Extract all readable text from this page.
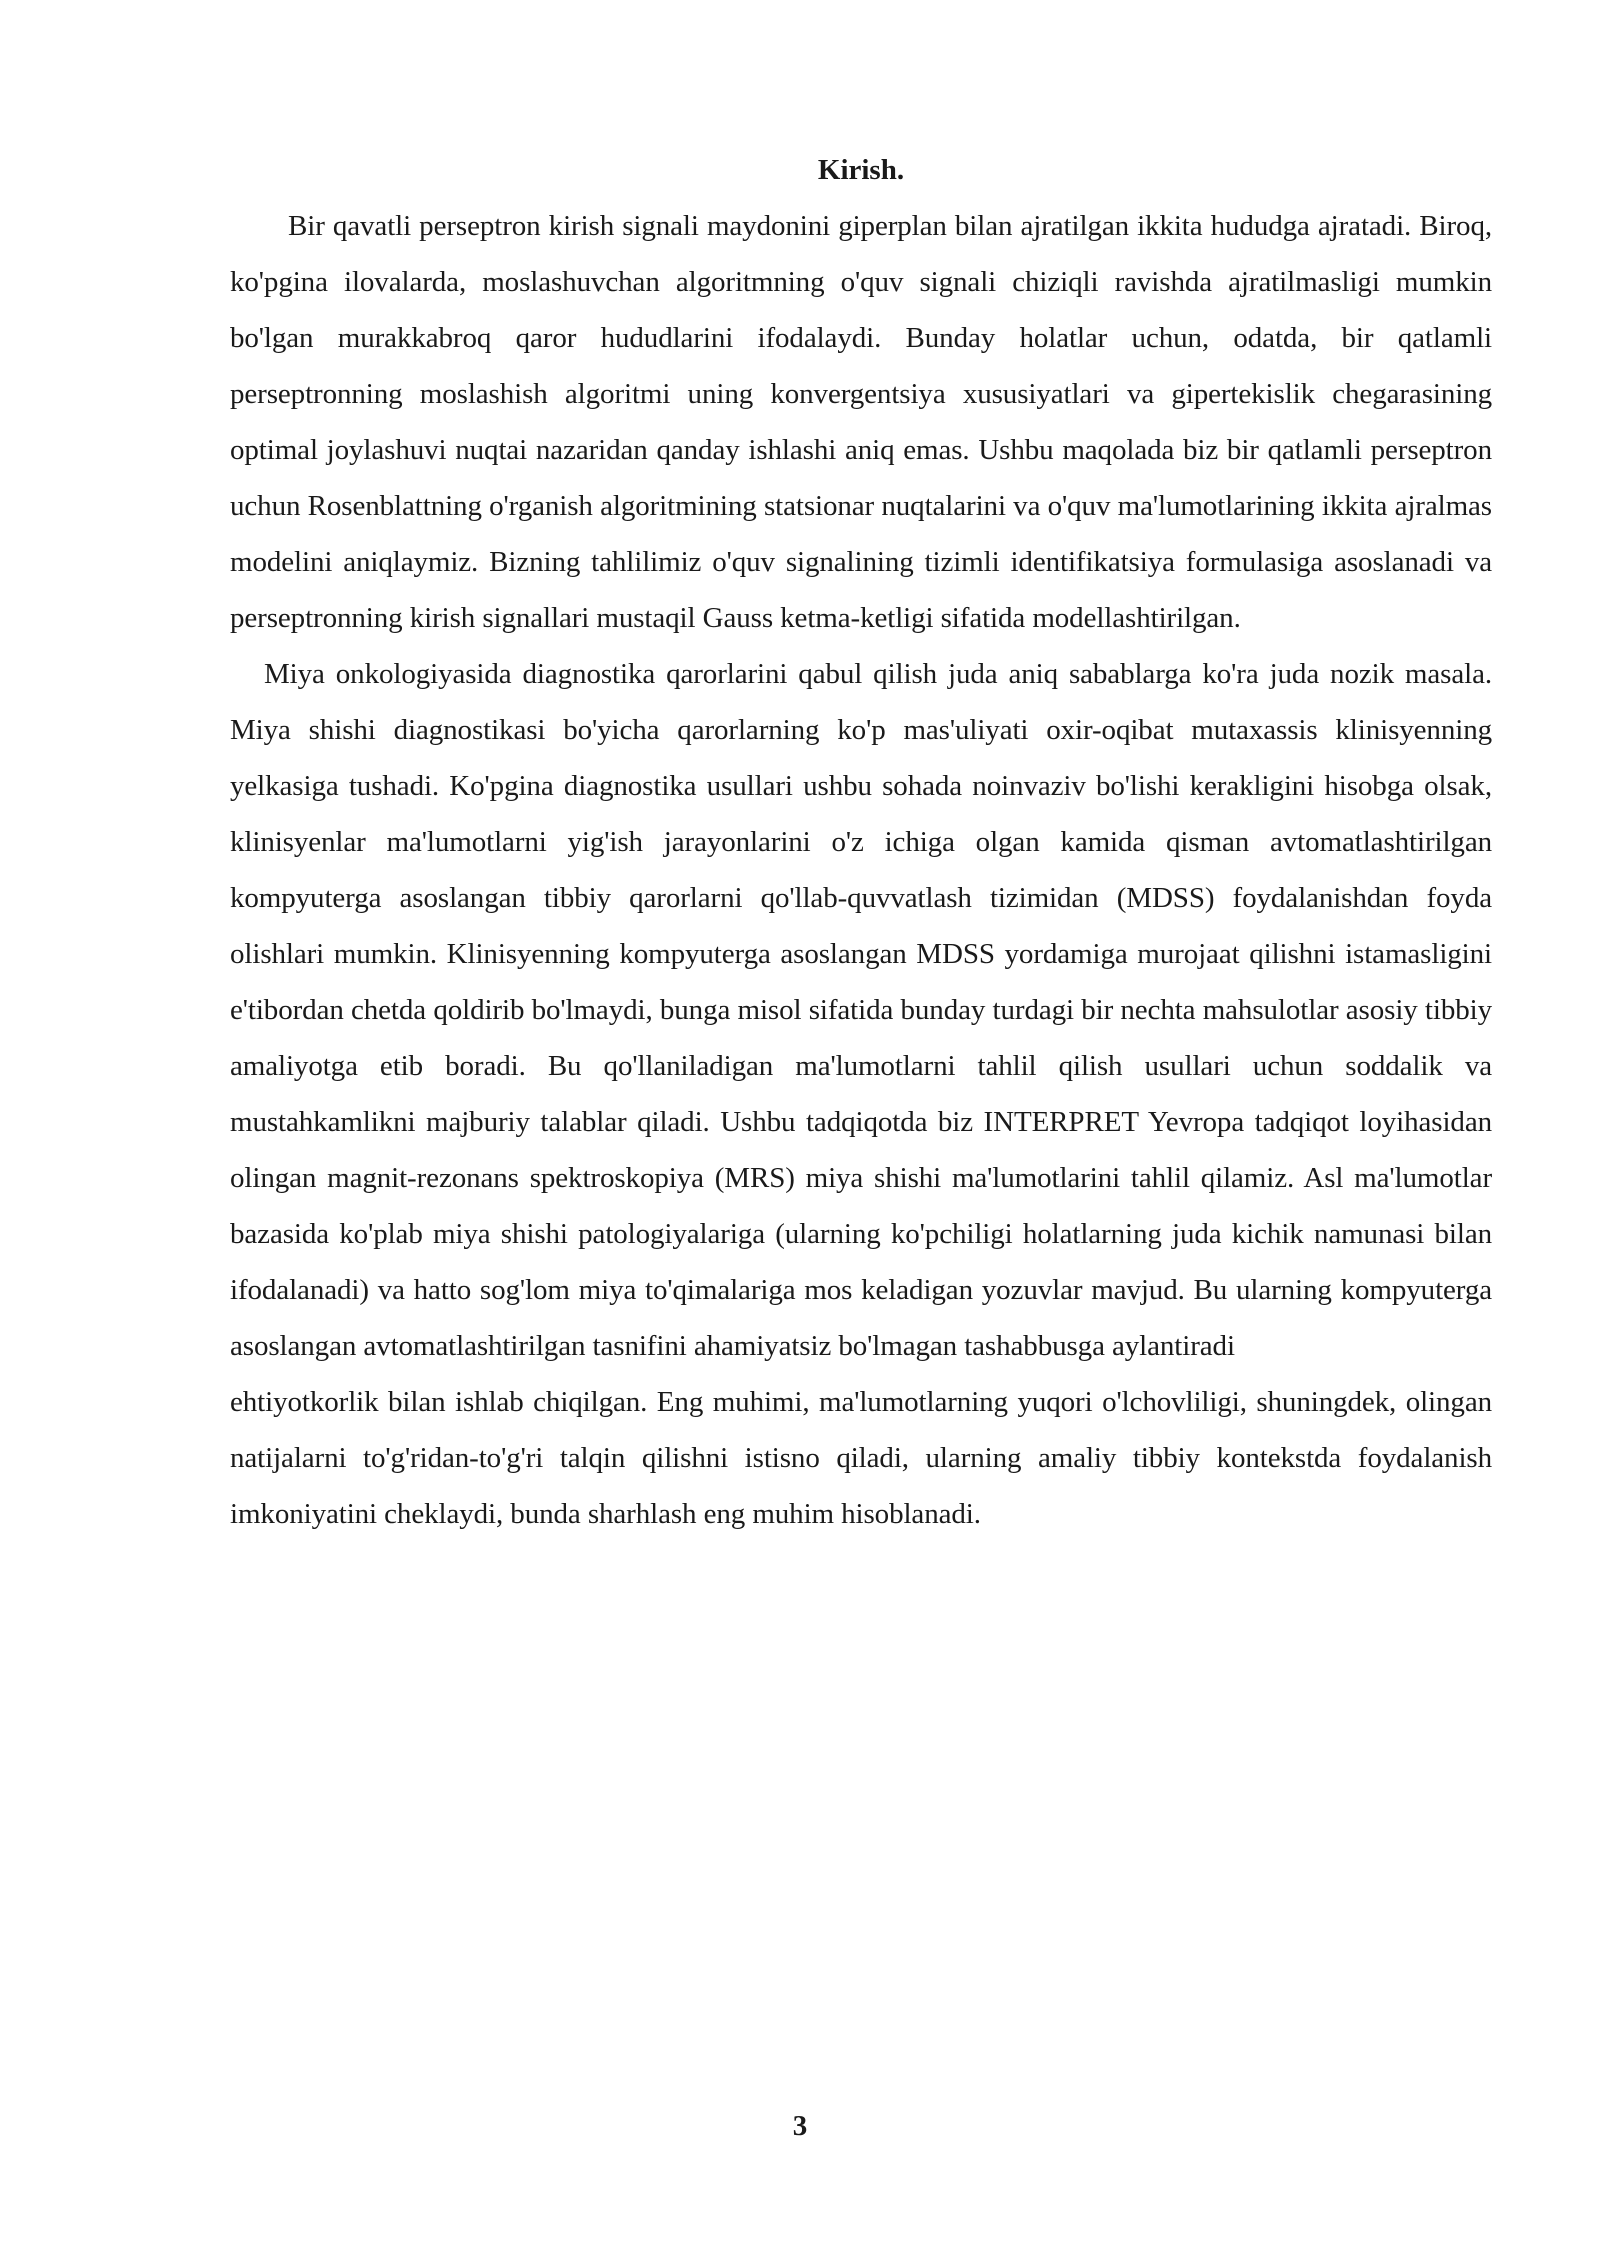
Kirish.

Bir qavatli perseptron kirish signali maydonini giperplan bilan ajratilgan ikkita hududga ajratadi. Biroq, ko'pgina ilovalarda, moslashuvchan algoritmning o'quv signali chiziqli ravishda ajratilmasligi mumkin bo'lgan murakkabroq qaror hududlarini ifodalaydi. Bunday holatlar uchun, odatda, bir qatlamli perseptronning moslashish algoritmi uning konvergentsiya xususiyatlari va gipertekislik chegarasining optimal joylashuvi nuqtai nazaridan qanday ishlashi aniq emas. Ushbu maqolada biz bir qatlamli perseptron uchun Rosenblattning o'rganish algoritmining statsionar nuqtalarini va o'quv ma'lumotlarining ikkita ajralmas modelini aniqlaymiz. Bizning tahlilimiz o'quv signalining tizimli identifikatsiya formulasiga asoslanadi va perseptronning kirish signallari mustaqil Gauss ketma-ketligi sifatida modellashtirilgan.

Miya onkologiyasida diagnostika qarorlarini qabul qilish juda aniq sabablarga ko'ra juda nozik masala. Miya shishi diagnostikasi bo'yicha qarorlarning ko'p mas'uliyati oxir-oqibat mutaxassis klinisyenning yelkasiga tushadi. Ko'pgina diagnostika usullari ushbu sohada noinvaziv bo'lishi kerakligini hisobga olsak, klinisyenlar ma'lumotlarni yig'ish jarayonlarini o'z ichiga olgan kamida qisman avtomatlashtirilgan kompyuterga asoslangan tibbiy qarorlarni qo'llab-quvvatlash tizimidan (MDSS) foydalanishdan foyda olishlari mumkin. Klinisyenning kompyuterga asoslangan MDSS yordamiga murojaat qilishni istamasligini e'tibordan chetda qoldirib bo'lmaydi, bunga misol sifatida bunday turdagi bir nechta mahsulotlar asosiy tibbiy amaliyotga etib boradi. Bu qo'llaniladigan ma'lumotlarni tahlil qilish usullari uchun soddalik va mustahkamlikni majburiy talablar qiladi. Ushbu tadqiqotda biz INTERPRET Yevropa tadqiqot loyihasidan olingan magnit-rezonans spektroskopiya (MRS) miya shishi ma'lumotlarini tahlil qilamiz. Asl ma'lumotlar bazasida ko'plab miya shishi patologiyalariga (ularning ko'pchiligi holatlarning juda kichik namunasi bilan ifodalanadi) va hatto sog'lom miya to'qimalariga mos keladigan yozuvlar mavjud. Bu ularning kompyuterga asoslangan avtomatlashtirilgan tasnifini ahamiyatsiz bo'lmagan tashabbusga aylantiradi

ehtiyotkorlik bilan ishlab chiqilgan. Eng muhimi, ma'lumotlarning yuqori o'lchovliligi, shuningdek, olingan natijalarni to'g'ridan-to'g'ri talqin qilishni istisno qiladi, ularning amaliy tibbiy kontekstda foydalanish imkoniyatini cheklaydi, bunda sharhlash eng muhim hisoblanadi.

3
